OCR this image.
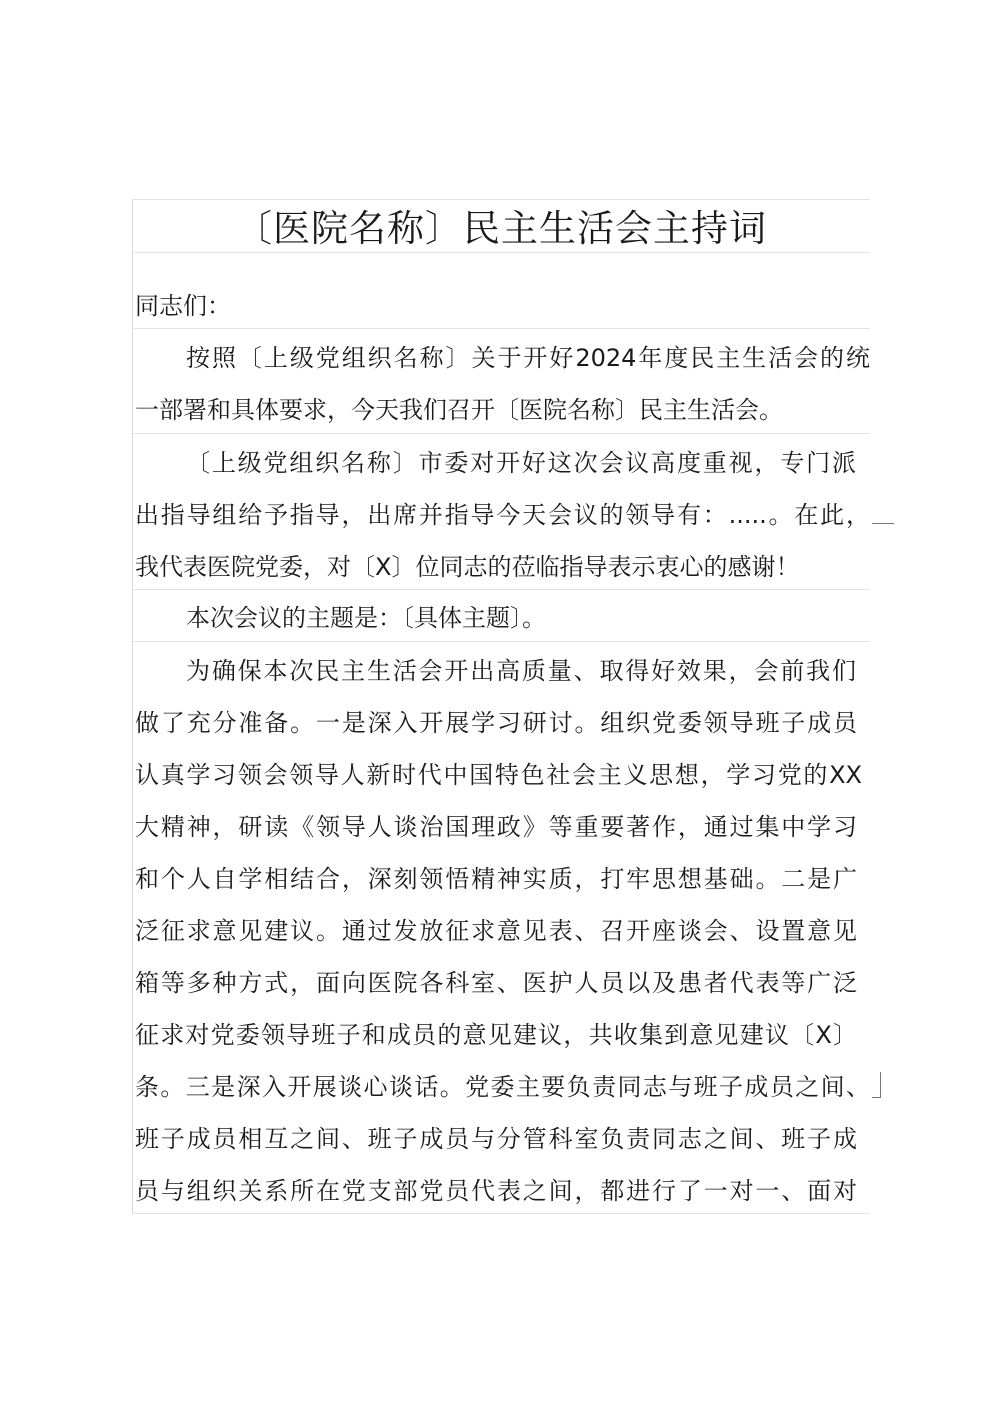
〔医院名称〕民主生活会主持词
同志们：
按照〔上级党组织名称〕关于开好2024年度民主生活会的统
一部署和具体要求，今天我们召开〔医院名称〕民主生活会。
〔上级党组织名称〕市委对开好这次会议高度重视，专门派
出指导组给予指导，出席并指导今天会议的领导有：.....。在此，
我代表医院党委，对〔X〕位同志的莅临指导表示衷心的感谢！
本次会议的主题是：〔具体主题〕。
为确保本次民主生活会开出高质量、取得好效果，会前我们
做了充分准备。一是深入开展学习研讨。组织党委领导班子成员
认真学习领会领导人新时代中国特色社会主义思想，学习党的XX
大精神，研读《领导人谈治国理政》等重要著作，通过集中学习
和个人自学相结合，深刻领悟精神实质，打牢思想基础。二是广
泛征求意见建议。通过发放征求意见表、召开座谈会、设置意见
箱等多种方式，面向医院各科室、医护人员以及患者代表等广泛
征求对党委领导班子和成员的意见建议，共收集到意见建议〔X〕
条。三是深入开展谈心谈话。党委主要负责同志与班子成员之间、
班子成员相互之间、班子成员与分管科室负责同志之间、班子成
员与组织关系所在党支部党员代表之间，都进行了一对一、面对
